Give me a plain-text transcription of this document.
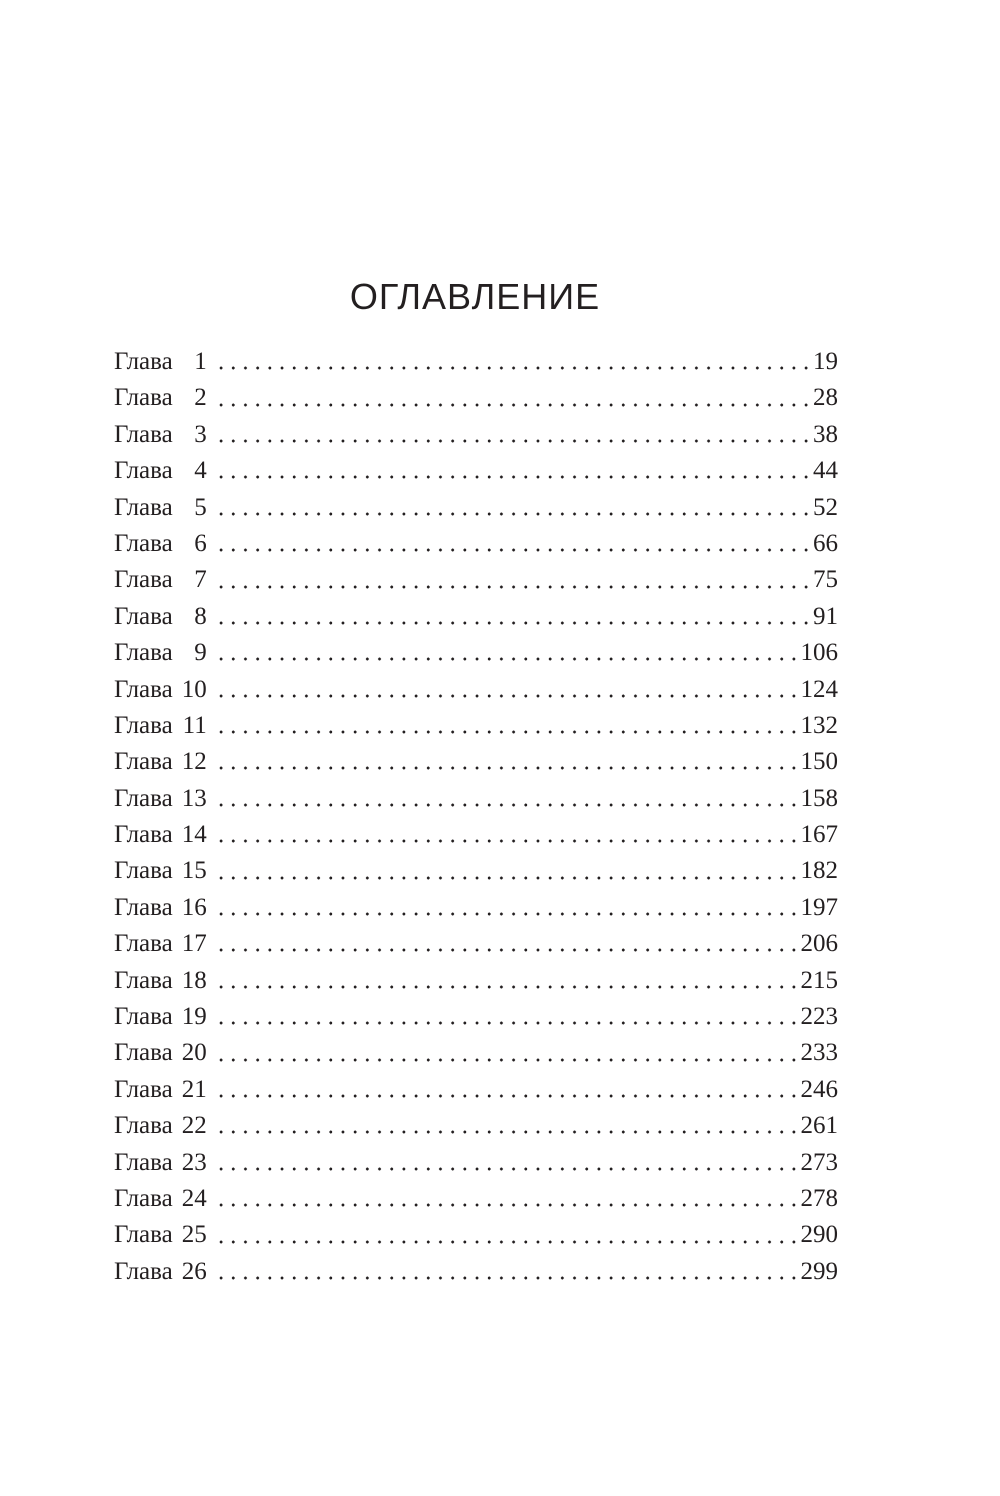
ОГЛАВЛЕНИЕ
Глава 1	19
Глава 2	28
Глава 3	38
Глава 4	44
Глава 5	52
Глава 6	66
Глава 7	75
Глава 8	91
Глава 9	106
Глава 10	124
Глава 11	132
Глава 12	150
Глава 13	158
Глава 14	167
Глава 15	182
Глава 16	197
Глава 17	206
Глава 18	215
Глава 19	223
Глава 20	233
Глава 21	246
Глава 22	261
Глава 23	273
Глава 24	278
Глава 25	290
Глава 26	299
